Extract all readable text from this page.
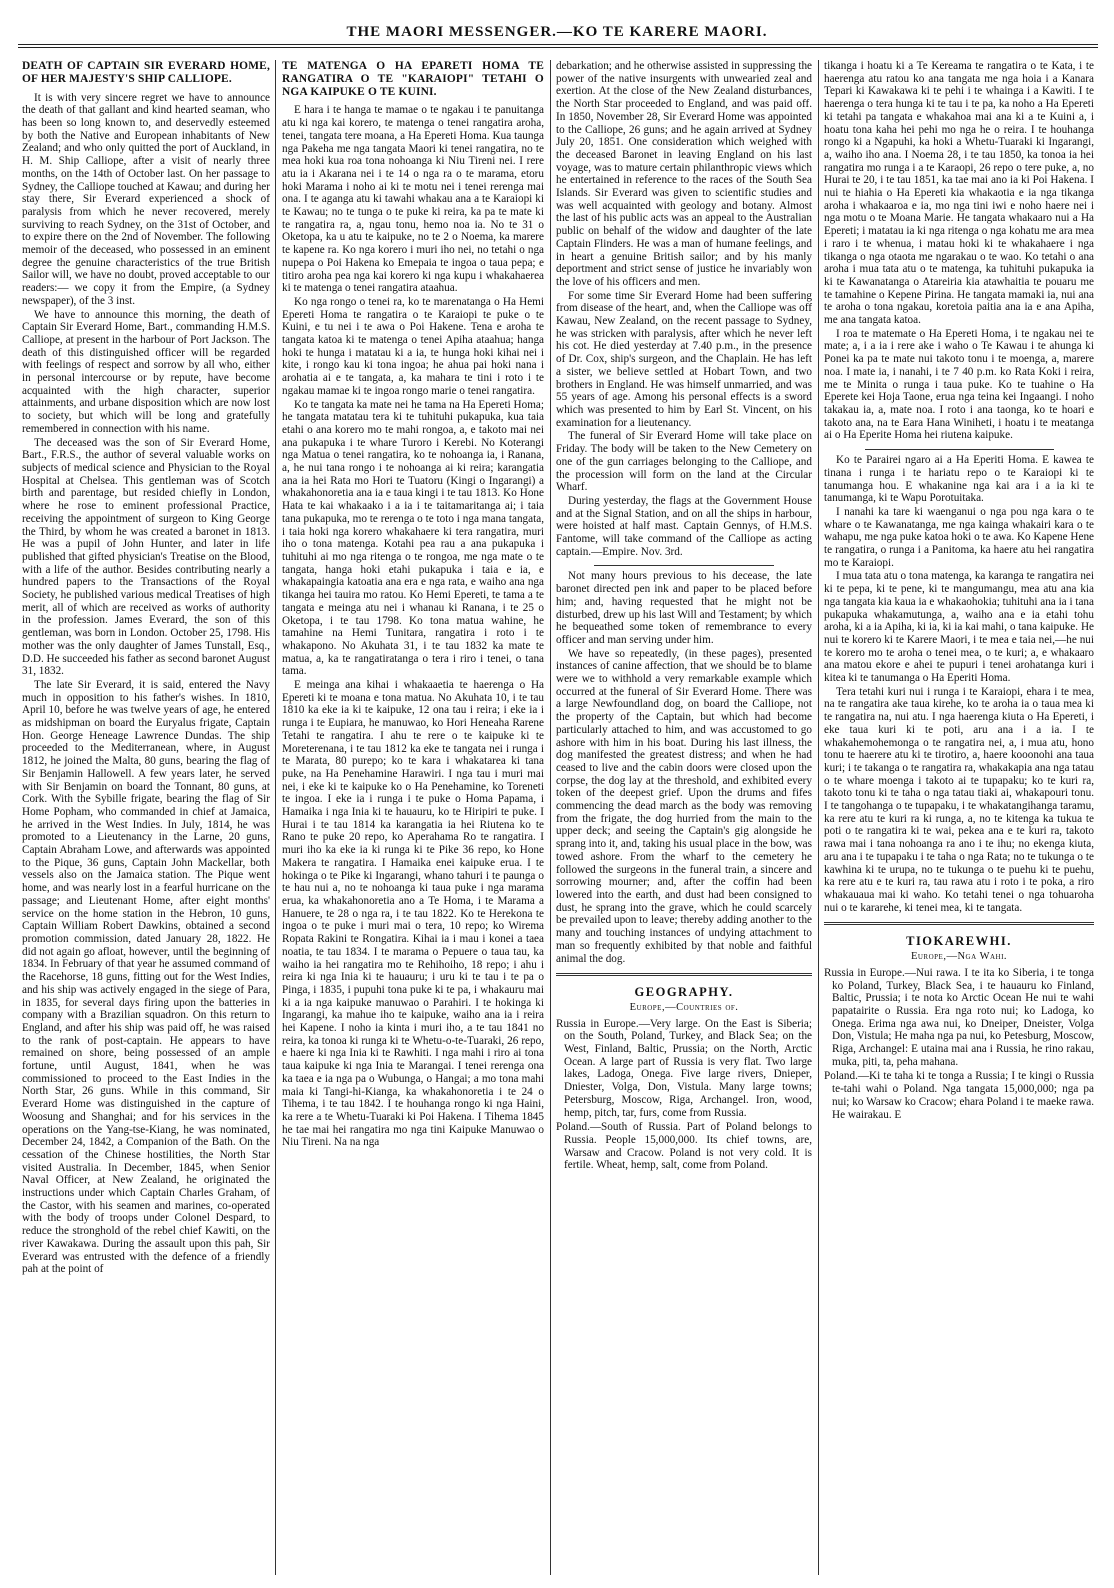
THE MAORI MESSENGER.—KO TE KARERE MAORI.
DEATH OF CAPTAIN SIR EVERARD HOME, OF HER MAJESTY'S SHIP CALLIOPE.

It is with very sincere regret we have to announce the death of that gallant and kind hearted seaman, who has been so long known to, and deservedly esteemed by both the Native and European inhabitants of New Zealand; and who only quitted the port of Auckland, in H. M. Ship Calliope, after a visit of nearly three months, on the 14th of October last. On her passage to Sydney, the Calliope touched at Kawau; and during her stay there, Sir Everard experienced a shock of paralysis from which he never recovered, merely surviving to reach Sydney, on the 31st of October, and to expire there on the 2nd of November. The following memoir of the deceased, who possessed in an eminent degree the genuine characteristics of the true British Sailor will, we have no doubt, proved acceptable to our readers:— we copy it from the Empire, (a Sydney newspaper), of the 3 inst.

We have to announce this morning, the death of Captain Sir Everard Home, Bart., commanding H.M.S. Calliope, at present in the harbour of Port Jackson. The death of this distinguished officer will be regarded with feelings of respect and sorrow by all who, either in personal intercourse or by repute, have become acquainted with the high character, superior attainments, and urbane disposition which are now lost to society, but which will be long and gratefully remembered in connection with his name.

The deceased was the son of Sir Everard Home, Bart., F.R.S., the author of several valuable works on subjects of medical science and Physician to the Royal Hospital at Chelsea. This gentleman was of Scotch birth and parentage, but resided chiefly in London, where he rose to eminent professional Practice, receiving the appointment of surgeon to King George the Third, by whom he was created a baronet in 1813. He was a pupil of John Hunter, and later in life published that gifted physician's Treatise on the Blood, with a life of the author. Besides contributing nearly a hundred papers to the Transactions of the Royal Society, he published various medical Treatises of high merit, all of which are received as works of authority in the profession. James Everard, the son of this gentleman, was born in London. October 25, 1798. His mother was the only daughter of James Tunstall, Esq., D.D. He succeeded his father as second baronet August 31, 1832.

The late Sir Everard, it is said, entered the Navy much in opposition to his father's wishes. In 1810, April 10, before he was twelve years of age, he entered as midshipman on board the Euryalus frigate, Captain Hon. George Heneage Lawrence Dundas. The ship proceeded to the Mediterranean, where, in August 1812, he joined the Malta, 80 guns, bearing the flag of Sir Benjamin Hallowell. A few years later, he served with Sir Benjamin on board the Tonnant, 80 guns, at Cork. With the Sybille frigate, bearing the flag of Sir Home Popham, who commanded in chief at Jamaica, he arrived in the West Indies. In July, 1814, he was promoted to a Lieutenancy in the Larne, 20 guns, Captain Abraham Lowe, and afterwards was appointed to the Pique, 36 guns, Captain John Mackellar, both vessels also on the Jamaica station. The Pique went home, and was nearly lost in a fearful hurricane on the passage; and Lieutenant Home, after eight months' service on the home station in the Hebron, 10 guns, Captain William Robert Dawkins, obtained a second promotion commission, dated January 28, 1822. He did not again go afloat, however, until the beginning of 1834. In February of that year he assumed command of the Racehorse, 18 guns, fitting out for the West Indies, and his ship was actively engaged in the siege of Para, in 1835, for several days firing upon the batteries in company with a Brazilian squadron. On this return to England, and after his ship was paid off, he was raised to the rank of post-captain. He appears to have remained on shore, being possessed of an ample fortune, until August, 1841, when he was commissioned to proceed to the East Indies in the North Star, 26 guns. While in this command, Sir Everard Home was distinguished in the capture of Woosung and Shanghai; and for his services in the operations on the Yang-tse-Kiang, he was nominated, December 24, 1842, a Companion of the Bath. On the cessation of the Chinese hostilities, the North Star visited Australia. In December, 1845, when Senior Naval Officer, at New Zealand, he originated the instructions under which Captain Charles Graham, of the Castor, with his seamen and marines, co-operated with the body of troops under Colonel Despard, to reduce the stronghold of the rebel chief Kawiti, on the river Kawakawa. During the assault upon this pah, Sir Everard was entrusted with the defence of a friendly pah at the point of

TE MATENGA O HA EPARETI HOMA TE RANGATIRA O TE "KARAIOPI" TETAHI O NGA KAIPUKE O TE KUINI.

E hara i te hanga te mamae o te ngakau i te panuitanga atu ki nga kai korero, te matenga o tenei rangatira aroha, tenei, tangata tere moana, a Ha Epereti Homa. Kua taunga nga Pakeha me nga tangata Maori ki tenei rangatira, no te mea hoki kua roa tona nohoanga ki Niu Tireni nei. I rere atu ia i Akarana nei i te 14 o nga ra o te marama, etoru hoki Marama i noho ai ki te motu nei i tenei rerenga mai ona. I te aganga atu ki tawahi whakau ana a te Karaiopi ki te Kawau; no te tunga o te puke ki reira, ka pa te mate ki te rangatira ra, a, ngau tonu, hemo noa ia. No te 31 o Oketopa, ka u atu te kaipuke, no te 2 o Noema, ka marere te kapene ra. Ko nga korero i muri iho nei, no tetahi o nga nupepa o Poi Hakena ko Emepaia te ingoa o taua pepa; e titiro aroha pea nga kai korero ki nga kupu i whakahaerea ki te matenga o tenei rangatira ataahua.

Ko nga rongo o tenei ra, ko te marenatanga o Ha Hemi Epereti Homa te rangatira o te Karaiopi te puke o te Kuini, e tu nei i te awa o Poi Hakene. Tena e aroha te tangata katoa ki te matenga o tenei Apiha ataahua; hanga hoki te hunga i matatau ki a ia, te hunga hoki kihai nei i kite, i rongo kau ki tona ingoa; he ahua pai hoki nana i arohatia ai e te tangata, a, ka mahara te tini i roto i te ngakau mamae ki te ingoa rongo marie o tenei rangatira.

Ko te tangata ka mate nei he tama na Ha Epereti Homa; he tangata matatau tera ki te tuhituhi pukapuka, kua taia etahi o ana korero mo te mahi rongoa, a, e takoto mai nei ana pukapuka i te whare Turoro i Kerebi. No Koterangi nga Matua o tenei rangatira, ko te nohoanga ia, i Ranana, a, he nui tana rongo i te nohoanga ai ki reira; karangatia ana ia hei Rata mo Hori te Tuatoru (Kingi o Ingarangi) a whakahonoretia ana ia e taua kingi i te tau 1813. Ko Hone Hata te kai whakaako i a ia i te taitamaritanga ai; i taia tana pukapuka, mo te rerenga o te toto i nga mana tangata, i taia hoki nga korero whakahaere ki tera rangatira, muri iho o tona matenga. Kotahi pea rau a ana pukapuka i tuhituhi ai mo nga ritenga o te rongoa, me nga mate o te tangata, hanga hoki etahi pukapuka i taia e ia, e whakapaingia katoatia ana era e nga rata, e waiho ana nga tikanga hei tauira mo ratou. Ko Hemi Epereti, te tama a te tangata e meinga atu nei i whanau ki Ranana, i te 25 o Oketopa, i te tau 1798. Ko tona matua wahine, he tamahine na Hemi Tunitara, rangatira i roto i te whakapono. No Akuhata 31, i te tau 1832 ka mate te matua, a, ka te rangatiratanga o tera i riro i tenei, o tana tama.

E meinga ana kihai i whakaaetia te haerenga o Ha Epereti ki te moana e tona matua. No Akuhata 10, i te tau 1810 ka eke ia ki te kaipuke, 12 ona tau i reira; i eke ia i runga i te Eupiara, he manuwao, ko Hori Heneaha Rarene Tetahi te rangatira. I ahu te rere o te kaipuke ki te Moreterenana, i te tau 1812 ka eke te tangata nei i runga i te Marata, 80 purepo; ko te kara i whakatarea ki tana puke, na Ha Penehamine Harawiri. I nga tau i muri mai nei, i eke ki te kaipuke ko o Ha Penehamine, ko Toreneti te ingoa. I eke ia i runga i te puke o Homa Papama, i Hamaika i nga Inia ki te hauauru, ko te Hiripiri te puke. I Hurai i te tau 1814 ka karangatia ia hei Riutena ko te Rano te puke 20 repo, ko Aperahama Ro te rangatira. I muri iho ka eke ia ki runga ki te Pike 36 repo, ko Hone Makera te rangatira. I Hamaika enei kaipuke erua. I te hokinga o te Pike ki Ingarangi, whano tahuri i te paunga o te hau nui a, no te nohoanga ki taua puke i nga marama erua, ka whakahonoretia ano a Te Homa, i te Marama a Hanuere, te 28 o nga ra, i te tau 1822. Ko te Herekona te ingoa o te puke i muri mai o tera, 10 repo; ko Wirema Ropata Rakini te Rongatira. Kihai ia i mau i konei a taea noatia, te tau 1834. I te marama o Pepuere o taua tau, ka waiho ia hei rangatira mo te Rehihoiho, 18 repo; i ahu i reira ki nga Inia ki te hauauru; i uru ki te tau i te pa o Pinga, i 1835, i pupuhi tona puke ki te pa, i whakauru mai ki a ia nga kaipuke manuwao o Parahiri. I te hokinga ki Ingarangi, ka mahue iho te kaipuke, waiho ana ia i reira hei Kapene. I noho ia kinta i muri iho, a te tau 1841 no reira, ka tonoa ki runga ki te Whetu-o-te-Tuaraki, 26 repo, e haere ki nga Inia ki te Rawhiti. I nga mahi i riro ai tona taua kaipuke ki nga Inia te Marangai. I tenei rerenga ona ka taea e ia nga pa o Wubunga, o Hangai; a mo tona mahi maia ki Tangi-hi-Kianga, ka whakahonoretia i te 24 o Tihema, i te tau 1842. I te houhanga rongo ki nga Haini, ka rere a te Whetu-Tuaraki ki Poi Hakena. I Tihema 1845 he tae mai hei rangatira mo nga tini Kaipuke Manuwao o Niu Tireni. Na na nga

debarkation; and he otherwise assisted in suppressing the power of the native insurgents with unwearied zeal and exertion. At the close of the New Zealand disturbances, the North Star proceeded to England, and was paid off. In 1850, November 28, Sir Everard Home was appointed to the Calliope, 26 guns; and he again arrived at Sydney July 20, 1851. One consideration which weighed with the deceased Baronet in leaving England on his last voyage, was to mature certain philanthropic views which he entertained in reference to the races of the South Sea Islands. Sir Everard was given to scientific studies and was well acquainted with geology and botany. Almost the last of his public acts was an appeal to the Australian public on behalf of the widow and daughter of the late Captain Flinders. He was a man of humane feelings, and in heart a genuine British sailor; and by his manly deportment and strict sense of justice he invariably won the love of his officers and men.

For some time Sir Everard Home had been suffering from disease of the heart, and, when the Calliope was off Kawau, New Zealand, on the recent passage to Sydney, he was stricken with paralysis, after which he never left his cot. He died yesterday at 7.40 p.m., in the presence of Dr. Cox, ship's surgeon, and the Chaplain. He has left a sister, we believe settled at Hobart Town, and two brothers in England. He was himself unmarried, and was 55 years of age. Among his personal effects is a sword which was presented to him by Earl St. Vincent, on his examination for a lieutenancy.

The funeral of Sir Everard Home will take place on Friday. The body will be taken to the New Cemetery on one of the gun carriages belonging to the Calliope, and the procession will form on the land at the Circular Wharf.

During yesterday, the flags at the Government House and at the Signal Station, and on all the ships in harbour, were hoisted at half mast. Captain Gennys, of H.M.S. Fantome, will take command of the Calliope as acting captain.—Empire. Nov. 3rd.

Not many hours previous to his decease, the late baronet directed pen ink and paper to be placed before him; and, having requested that he might not be disturbed, drew up his last Will and Testament; by which he bequeathed some token of remembrance to every officer and man serving under him.

We have so repeatedly, (in these pages), presented instances of canine affection, that we should be to blame were we to withhold a very remarkable example which occurred at the funeral of Sir Everard Home. There was a large Newfoundland dog, on board the Calliope, not the property of the Captain, but which had become particularly attached to him, and was accustomed to go ashore with him in his boat. During his last illness, the dog manifested the greatest distress; and when he had ceased to live and the cabin doors were closed upon the corpse, the dog lay at the threshold, and exhibited every token of the deepest grief. Upon the drums and fifes commencing the dead march as the body was removing from the frigate, the dog hurried from the main to the upper deck; and seeing the Captain's gig alongside he sprang into it, and, taking his usual place in the bow, was towed ashore. From the wharf to the cemetery he followed the surgeons in the funeral train, a sincere and sorrowing mourner; and, after the coffin had been lowered into the earth, and dust had been consigned to dust, he sprang into the grave, which he could scarcely be prevailed upon to leave; thereby adding another to the many and touching instances of undying attachment to man so frequently exhibited by that noble and faithful animal the dog.

GEOGRAPHY.
Europe,—Countries of.

Russia in Europe.—Very large. On the East is Siberia; on the South, Poland, Turkey, and Black Sea; on the West, Finland, Baltic, Prussia; on the North, Arctic Ocean. A large part of Russia is very flat. Two large lakes, Ladoga, Onega. Five large rivers, Dnieper, Dniester, Volga, Don, Vistula. Many large towns; Petersburg, Moscow, Riga, Archangel. Iron, wood, hemp, pitch, tar, furs, come from Russia.

Poland.—South of Russia. Part of Poland belongs to Russia. People 15,000,000. Its chief towns, are, Warsaw and Cracow. Poland is not very cold. It is fertile. Wheat, hemp, salt, come from Poland.

tikanga i hoatu ki a Te Kereama te rangatira o te Kata, i te haerenga atu ratou ko ana tangata me nga hoia i a Kanara Tepari ki Kawakawa ki te pehi i te whainga i a Kawiti. I te haerenga o tera hunga ki te tau i te pa, ka noho a Ha Epereti ki tetahi pa tangata e whakahoa mai ana ki a te Kuini a, i hoatu tona kaha hei pehi mo nga he o reira. I te houhanga rongo ki a Ngapuhi, ka hoki a Whetu-Tuaraki ki Ingarangi, a, waiho iho ana. I Noema 28, i te tau 1850, ka tonoa ia hei rangatira mo runga i a te Karaopi, 26 repo o tere puke, a, no Hurai te 20, i te tau 1851, ka tae mai ano ia ki Poi Hakena. I nui te hiahia o Ha Epereti kia whakaotia e ia nga tikanga aroha i whakaaroa e ia, mo nga tini iwi e noho haere nei i nga motu o te Moana Marie. He tangata whakaaro nui a Ha Epereti; i matatau ia ki nga ritenga o nga kohatu me ara mea i raro i te whenua, i matau hoki ki te whakahaere i nga tikanga o nga otaota me ngarakau o te wao. Ko tetahi o ana aroha i mua tata atu o te matenga, ka tuhituhi pukapuka ia ki te Kawanatanga o Atareiria kia atawhaitia te pouaru me te tamahine o Kepene Pirina. He tangata mamaki ia, nui ana te aroha o tona ngakau, koretoia paitia ana ia e ana Apiha, me ana tangata katoa.

I roa te matemate o Ha Epereti Homa, i te ngakau nei te mate; a, i a ia i rere ake i waho o Te Kawau i te ahunga ki Ponei ka pa te mate nui takoto tonu i te moenga, a, marere noa. I mate ia, i nanahi, i te 7 40 p.m. ko Rata Koki i reira, me te Minita o runga i taua puke. Ko te tuahine o Ha Eperete kei Hoja Taone, erua nga teina kei Ingaangi. I noho takakau ia, a, mate noa. I roto i ana taonga, ko te hoari e takoto ana, na te Eara Hana Winiheti, i hoatu i te meatanga ai o Ha Eperite Homa hei riutena kaipuke.

Ko te Parairei ngaro ai a Ha Eperiti Homa. E kawea te tinana i runga i te hariatu repo o te Karaiopi ki te tanumanga hou. E whakanine nga kai ara i a ia ki te tanumanga, ki te Wapu Porotuitaka.

I nanahi ka tare ki waenganui o nga pou nga kara o te whare o te Kawanatanga, me nga kainga whakairi kara o te wahapu, me nga puke katoa hoki o te awa. Ko Kapene Hene te rangatira, o runga i a Panitoma, ka haere atu hei rangatira mo te Karaiopi.

I mua tata atu o tona matenga, ka karanga te rangatira nei ki te pepa, ki te pene, ki te mangumangu, mea atu ana kia nga tangata kia kaua ia e whakaohokia; tuhituhi ana ia i tana pukapuka whakamutunga, a, waiho ana e ia etahi tohu aroha, ki a ia Apiha, ki ia, ki ia kai mahi, o tana kaipuke. He nui te korero ki te Karere Maori, i te mea e taia nei,—he nui te korero mo te aroha o tenei mea, o te kuri; a, e whakaaro ana matou ekore e ahei te pupuri i tenei arohatanga kuri i kitea ki te tanumanga o Ha Eperiti Homa.

Tera tetahi kuri nui i runga i te Karaiopi, ehara i te mea, na te rangatira ake taua kirehe, ko te aroha ia o taua mea ki te rangatira na, nui atu. I nga haerenga kiuta o Ha Epereti, i eke taua kuri ki te poti, aru ana i a ia. I te whakahemohemonga o te rangatira nei, a, i mua atu, hono tonu te haerere atu ki te tirotiro, a, haere kooonohi ana taua kuri; i te takanga o te rangatira ra, whakakapia ana nga tatau o te whare moenga i takoto ai te tupapaku; ko te kuri ra, takoto tonu ki te taha o nga tatau tiaki ai, whakapouri tonu. I te tangohanga o te tupapaku, i te whakatangihanga taramu, ka rere atu te kuri ra ki runga, a, no te kitenga ka tukua te poti o te rangatira ki te wai, pekea ana e te kuri ra, takoto rawa mai i tana nohoanga ra ano i te ihu; no ekenga kiuta, aru ana i te tupapaku i te taha o nga Rata; no te tukunga o te kawhina ki te urupa, no te tukunga o te puehu ki te puehu, ka rere atu e te kuri ra, tau rawa atu i roto i te poka, a riro whakauaua mai ki waho. Ko tetahi tenei o nga tohuaroha nui o te kararehe, ki tenei mea, ki te tangata.

TIOKAREWHI.
Europe,—Nga Wahi.

Russia in Europe.—Nui rawa. I te ita ko Siberia, i te tonga ko Poland, Turkey, Black Sea, i te hauauru ko Finland, Baltic, Prussia; i te nota ko Arctic Ocean He nui te wahi papatairite o Russia. Era nga roto nui; ko Ladoga, ko Onega. Erima nga awa nui, ko Dneiper, Dneister, Volga Don, Vistula; He maha nga pa nui, ko Petesburg, Moscow, Riga, Archangel: E utaina mai ana i Russia, he rino rakau, muka, piti, ta, peha mahana.

Poland.—Ki te taha ki te tonga a Russia; I te kingi o Russia te-tahi wahi o Poland. Nga tangata 15,000,000; nga pa nui; ko Warsaw ko Cracow; ehara Poland i te maeke rawa. He wairakau. E
